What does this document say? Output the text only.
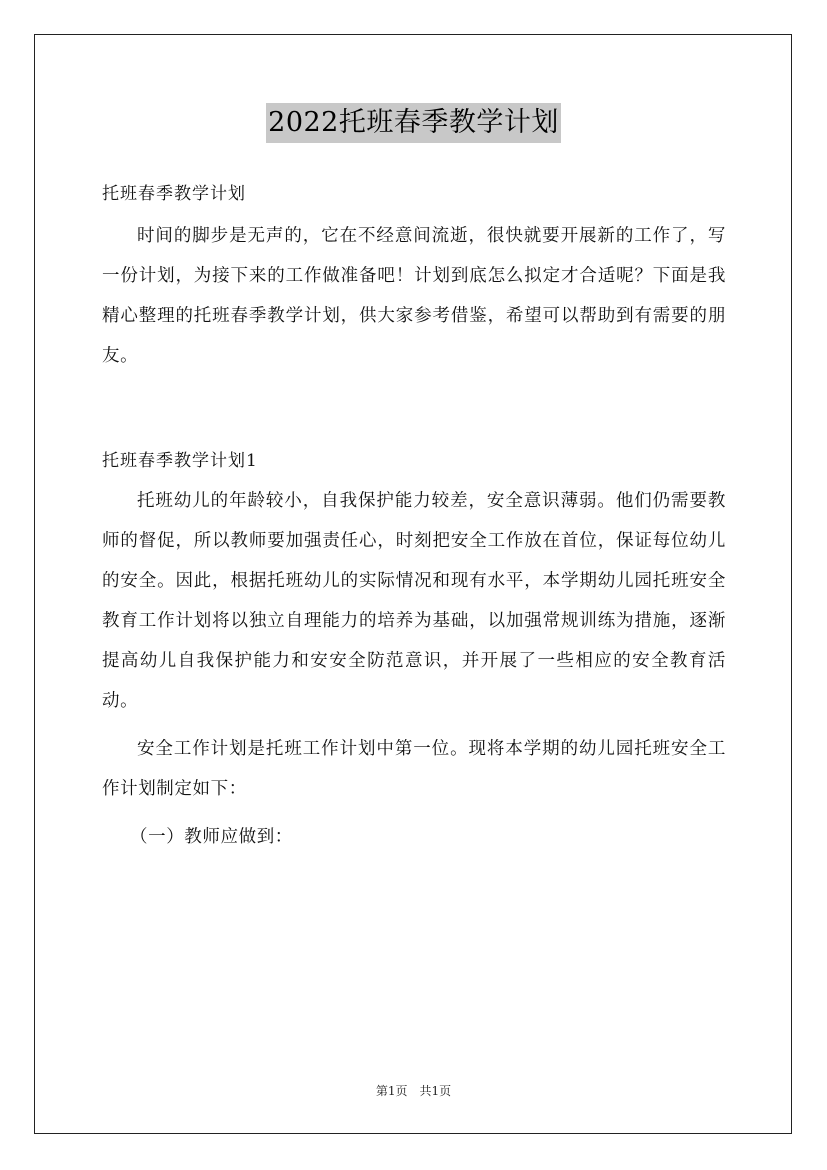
2022托班春季教学计划

托班春季教学计划

时间的脚步是无声的，它在不经意间流逝，很快就要开展新的工作了，写一份计划，为接下来的工作做准备吧！计划到底怎么拟定才合适呢？下面是我精心整理的托班春季教学计划，供大家参考借鉴，希望可以帮助到有需要的朋友。

托班春季教学计划1

托班幼儿的年龄较小，自我保护能力较差，安全意识薄弱。他们仍需要教师的督促，所以教师要加强责任心，时刻把安全工作放在首位，保证每位幼儿的安全。因此，根据托班幼儿的实际情况和现有水平，本学期幼儿园托班安全教育工作计划将以独立自理能力的培养为基础，以加强常规训练为措施，逐渐提高幼儿自我保护能力和安安全防范意识，并开展了一些相应的安全教育活动。

安全工作计划是托班工作计划中第一位。现将本学期的幼儿园托班安全工作计划制定如下：

（一）教师应做到：

第1页　共1页
